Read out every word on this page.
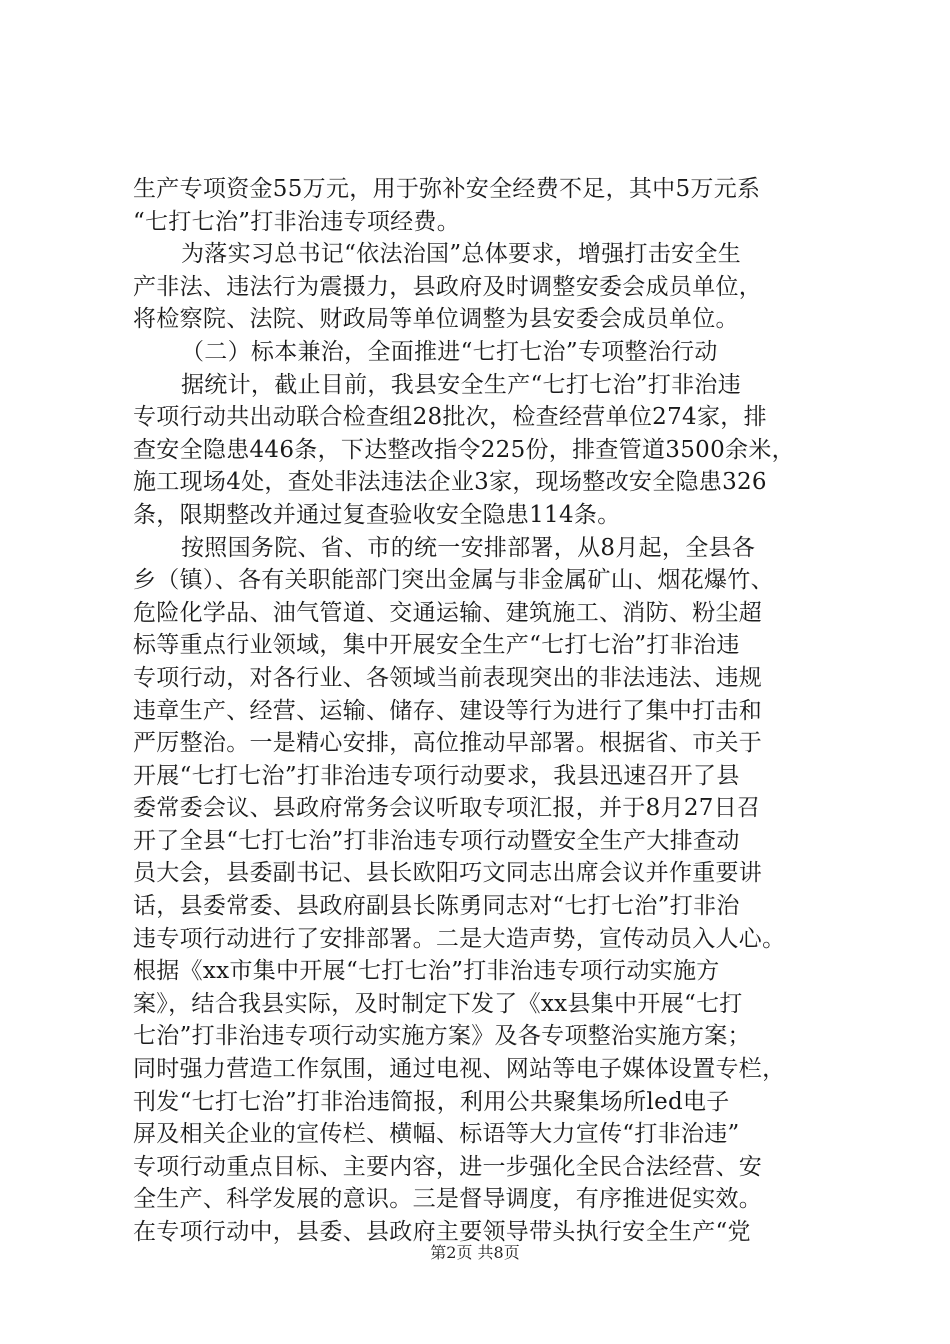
生产专项资金55万元，用于弥补安全经费不足，其中5万元系
“七打七治”打非治违专项经费。
为落实习总书记“依法治国”总体要求，增强打击安全生
产非法、违法行为震摄力，县政府及时调整安委会成员单位，
将检察院、法院、财政局等单位调整为县安委会成员单位。
（二）标本兼治，全面推进“七打七治”专项整治行动
据统计，截止目前，我县安全生产“七打七治”打非治违
专项行动共出动联合检查组28批次，检查经营单位274家，排
查安全隐患446条，下达整改指令225份，排查管道3500余米，
施工现场4处，查处非法违法企业3家，现场整改安全隐患326
条，限期整改并通过复查验收安全隐患114条。
按照国务院、省、市的统一安排部署，从8月起，全县各
乡（镇）、各有关职能部门突出金属与非金属矿山、烟花爆竹、
危险化学品、油气管道、交通运输、建筑施工、消防、粉尘超
标等重点行业领域，集中开展安全生产“七打七治”打非治违
专项行动，对各行业、各领域当前表现突出的非法违法、违规
违章生产、经营、运输、储存、建设等行为进行了集中打击和
严厉整治。一是精心安排，高位推动早部署。根据省、市关于
开展“七打七治”打非治违专项行动要求，我县迅速召开了县
委常委会议、县政府常务会议听取专项汇报，并于8月27日召
开了全县“七打七治”打非治违专项行动暨安全生产大排查动
员大会，县委副书记、县长欧阳巧文同志出席会议并作重要讲
话，县委常委、县政府副县长陈勇同志对“七打七治”打非治
违专项行动进行了安排部署。二是大造声势，宣传动员入人心。
根据《xx市集中开展“七打七治”打非治违专项行动实施方
案》，结合我县实际，及时制定下发了《xx县集中开展“七打
七治”打非治违专项行动实施方案》及各专项整治实施方案；
同时强力营造工作氛围，通过电视、网站等电子媒体设置专栏，
刊发“七打七治”打非治违简报，利用公共聚集场所led电子
屏及相关企业的宣传栏、横幅、标语等大力宣传“打非治违”
专项行动重点目标、主要内容，进一步强化全民合法经营、安
全生产、科学发展的意识。三是督导调度，有序推进促实效。
在专项行动中，县委、县政府主要领导带头执行安全生产“党
第2页 共8页
